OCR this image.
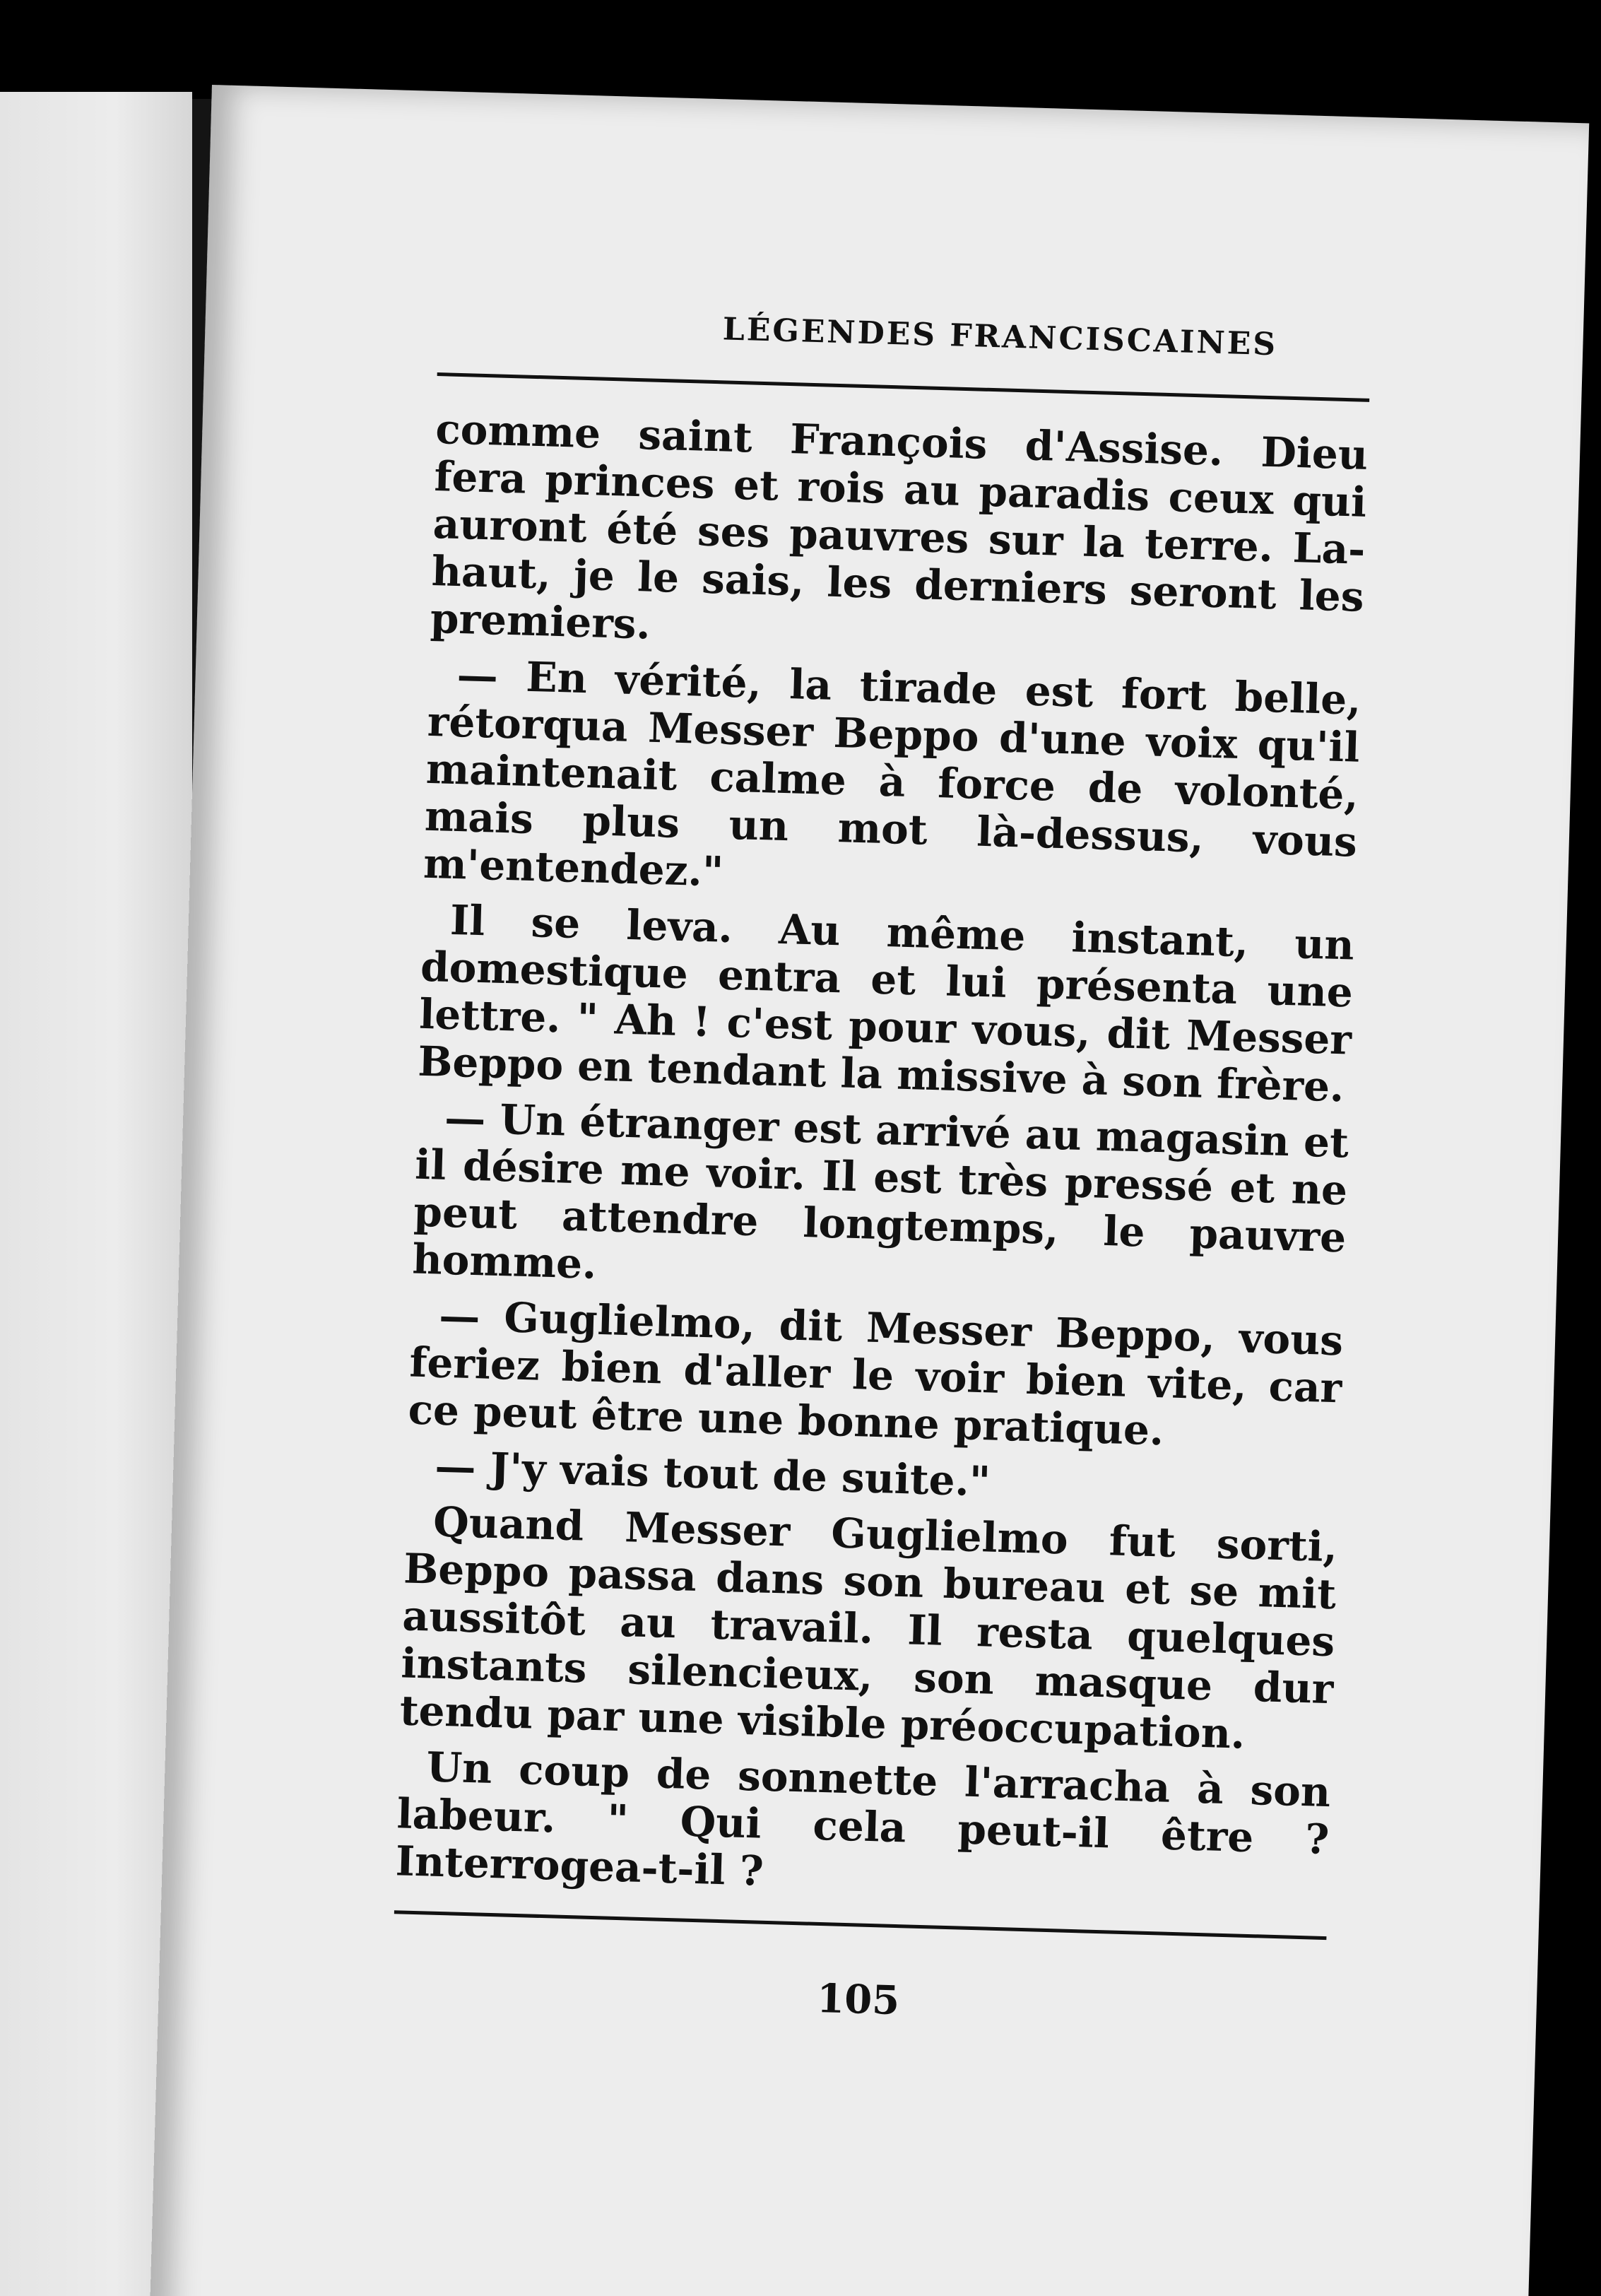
LÉGENDES FRANCISCAINES

comme saint François d'Assise. Dieu fera princes et rois au paradis ceux qui auront été ses pauvres sur la terre. La-haut, je le sais, les derniers seront les premiers.

— En vérité, la tirade est fort belle, rétorqua Messer Beppo d'une voix qu'il maintenait calme à force de volonté, mais plus un mot là-dessus, vous m'entendez."

Il se leva. Au même instant, un domestique entra et lui présenta une lettre. " Ah ! c'est pour vous, dit Messer Beppo en tendant la missive à son frère.

— Un étranger est arrivé au magasin et il désire me voir. Il est très pressé et ne peut attendre longtemps, le pauvre homme.

— Guglielmo, dit Messer Beppo, vous feriez bien d'aller le voir bien vite, car ce peut être une bonne pratique.

— J'y vais tout de suite."

Quand Messer Guglielmo fut sorti, Beppo passa dans son bureau et se mit aussitôt au travail. Il resta quelques instants silencieux, son masque dur tendu par une visible préoccupation.

Un coup de sonnette l'arracha à son labeur. " Qui cela peut-il être ? Interrogea-t-il ?

105
